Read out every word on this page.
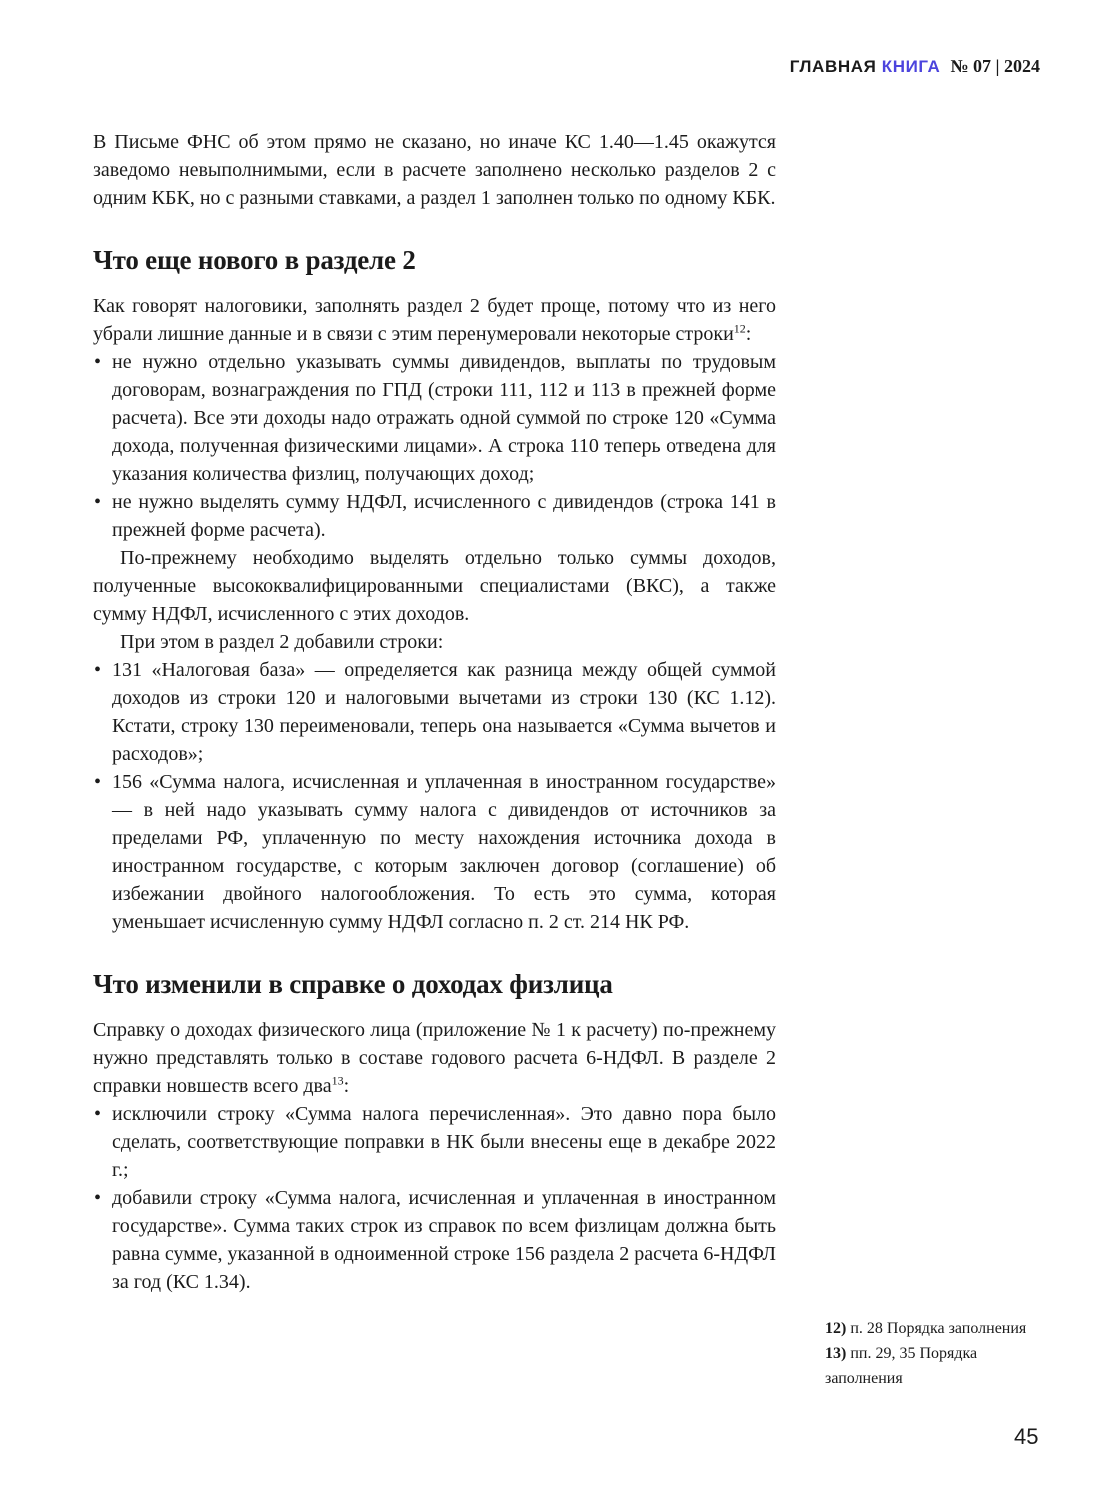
ГЛАВНАЯ КНИГА № 07 | 2024

В Письме ФНС об этом прямо не сказано, но иначе КС 1.40—1.45 окажутся заведомо невыполнимыми, если в расчете заполнено несколько разделов 2 с одним КБК, но с разными ставками, а раздел 1 заполнен только по одному КБК.

Что еще нового в разделе 2

Как говорят налоговики, заполнять раздел 2 будет проще, потому что из него убрали лишние данные и в связи с этим перенумеровали некоторые строки$^{12}$:

• не нужно отдельно указывать суммы дивидендов, выплаты по трудовым договорам, вознаграждения по ГПД (строки 111, 112 и 113 в прежней форме расчета). Все эти доходы надо отражать одной суммой по строке 120 «Сумма дохода, полученная физическими лицами». А строка 110 теперь отведена для указания количества физлиц, получающих доход;
• не нужно выделять сумму НДФЛ, исчисленного с дивидендов (строка 141 в прежней форме расчета).

По-прежнему необходимо выделять отдельно только суммы доходов, полученные высококвалифицированными специалистами (ВКС), а также сумму НДФЛ, исчисленного с этих доходов.

При этом в раздел 2 добавили строки:

• 131 «Налоговая база» — определяется как разница между общей суммой доходов из строки 120 и налоговыми вычетами из строки 130 (КС 1.12). Кстати, строку 130 переименовали, теперь она называется «Сумма вычетов и расходов»;
• 156 «Сумма налога, исчисленная и уплаченная в иностранном государстве» — в ней надо указывать сумму налога с дивидендов от источников за пределами РФ, уплаченную по месту нахождения источника дохода в иностранном государстве, с которым заключен договор (соглашение) об избежании двойного налогообложения. То есть это сумма, которая уменьшает исчисленную сумму НДФЛ согласно п. 2 ст. 214 НК РФ.
Что изменили в справке о доходах физлица

Справку о доходах физического лица (приложение № 1 к расчету) по-прежнему нужно представлять только в составе годового расчета 6-НДФЛ. В разделе 2 справки новшеств всего два$^{13}$:

• исключили строку «Сумма налога перечисленная». Это давно пора было сделать, соответствующие поправки в НК были внесены еще в декабре 2022 г.;
• добавили строку «Сумма налога, исчисленная и уплаченная в иностранном государстве». Сумма таких строк из справок по всем физлицам должна быть равна сумме, указанной в одноименной строке 156 раздела 2 расчета 6-НДФЛ за год (КС 1.34).
12) п. 28 Порядка заполнения
13) пп. 29, 35 Порядка заполнения
45
